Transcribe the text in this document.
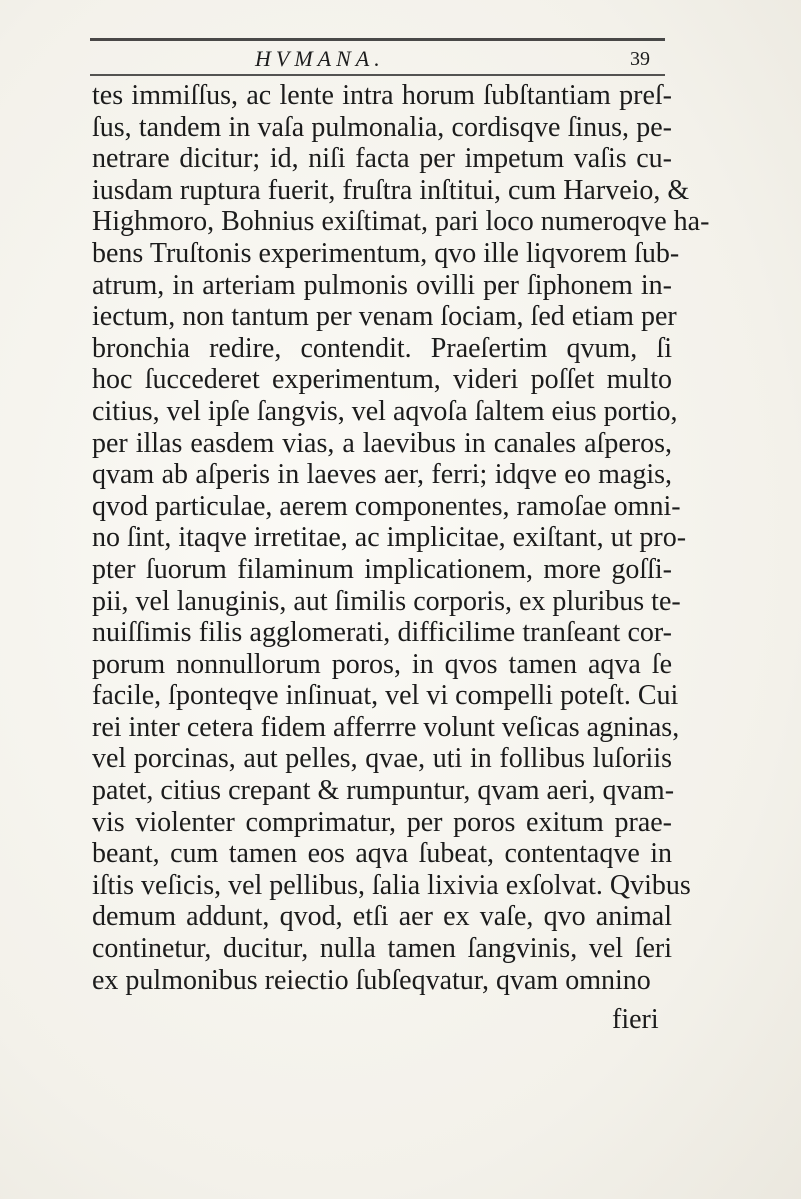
HVMANA.	39
tes immiſſus, ac lente intra horum ſubſtantiam preſ-
ſus, tandem in vaſa pulmonalia, cordisqve ſinus, pe-
netrare dicitur; id, niſi facta per impetum vaſis cu-
iusdam ruptura fuerit, fruſtra inſtitui, cum Harveio, &
Highmoro, Bohnius exiſtimat, pari loco numeroqve ha-
bens Truſtonis experimentum, qvo ille liqvorem ſub-
atrum, in arteriam pulmonis ovilli per ſiphonem in-
iectum, non tantum per venam ſociam, ſed etiam per
bronchia redire, contendit. Praeſertim qvum, ſi
hoc ſuccederet experimentum, videri poſſet multo
citius, vel ipſe ſangvis, vel aqvoſa ſaltem eius portio,
per illas easdem vias, a laevibus in canales aſperos,
qvam ab aſperis in laeves aer, ferri; idqve eo magis,
qvod particulae, aerem componentes, ramoſae omni-
no ſint, itaqve irretitae, ac implicitae, exiſtant, ut pro-
pter ſuorum filaminum implicationem, more goſſi-
pii, vel lanuginis, aut ſimilis corporis, ex pluribus te-
nuiſſimis filis agglomerati, difficilime tranſeant cor-
porum nonnullorum poros, in qvos tamen aqva ſe
facile, ſponteqve inſinuat, vel vi compelli poteſt. Cui
rei inter cetera fidem afferrre volunt veſicas agninas,
vel porcinas, aut pelles, qvae, uti in follibus luſoriis
patet, citius crepant & rumpuntur, qvam aeri, qvam-
vis violenter comprimatur, per poros exitum prae-
beant, cum tamen eos aqva ſubeat, contentaqve in
iſtis veſicis, vel pellibus, ſalia lixivia exſolvat. Qvibus
demum addunt, qvod, etſi aer ex vaſe, qvo animal
continetur, ducitur, nulla tamen ſangvinis, vel ſeri
ex pulmonibus reiectio ſubſeqvatur, qvam omnino
fieri
